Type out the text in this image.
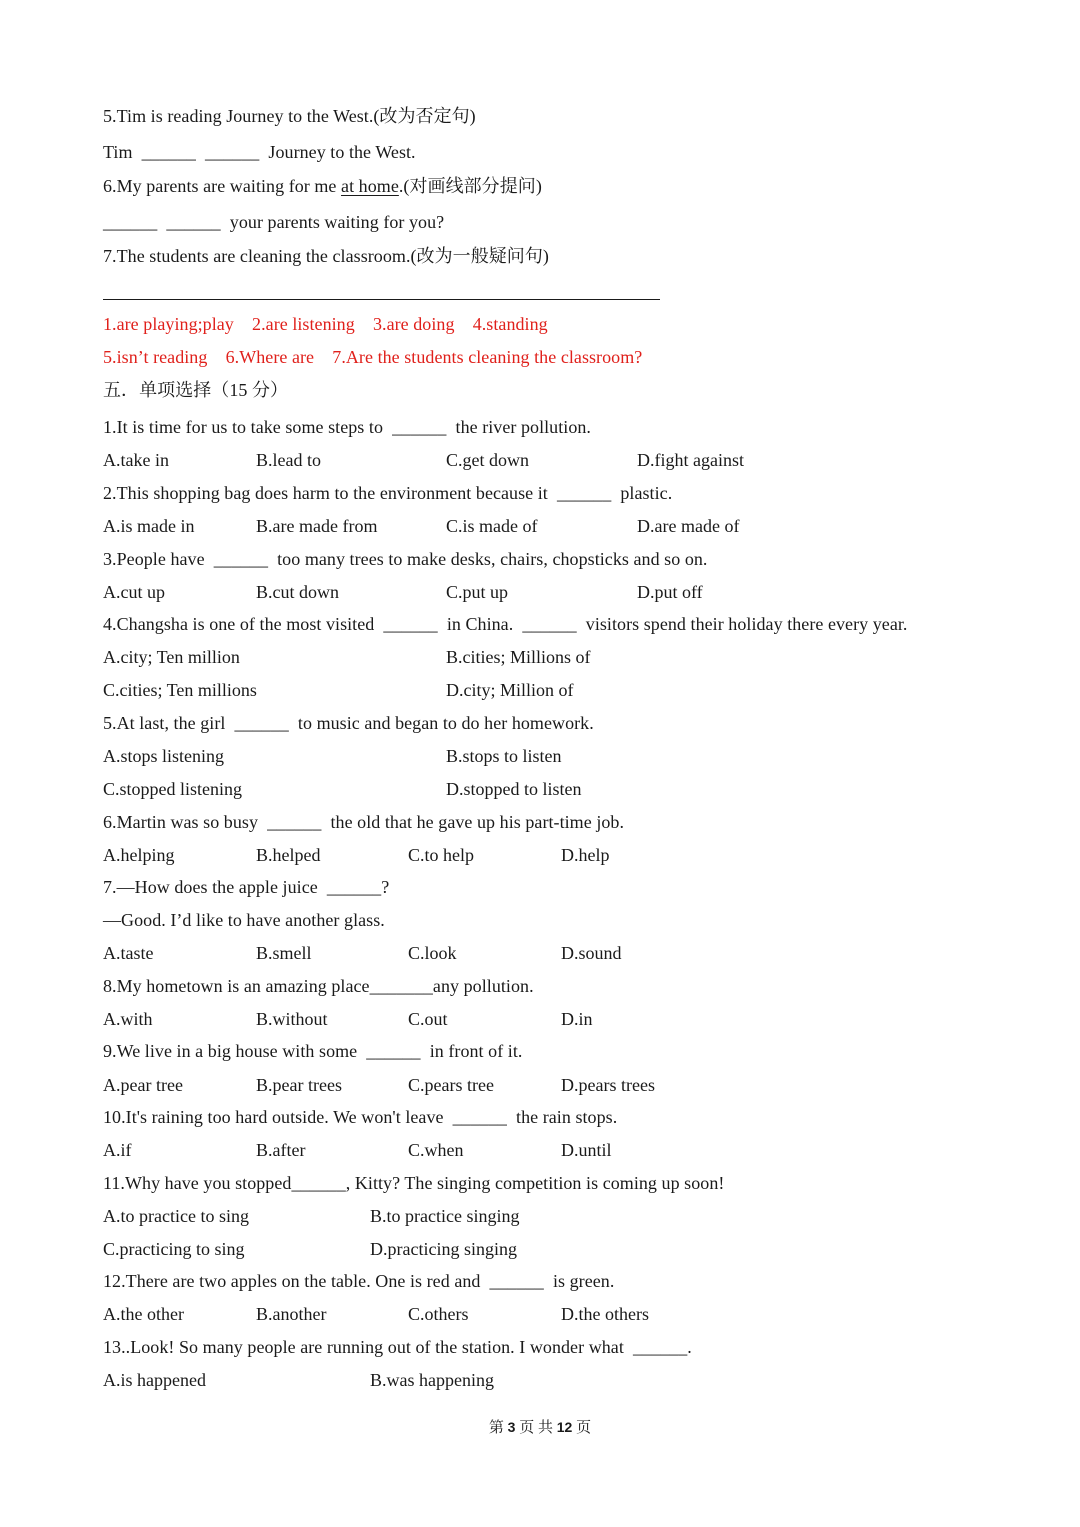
5.Tim is reading Journey to the West.(改为否定句)
Tim  ______  ______  Journey to the West.
6.My parents are waiting for me at home.(对画线部分提问)
______  ______  your parents waiting for you?
7.The students are cleaning the classroom.(改为一般疑问句)
1.are playing;play    2.are listening    3.are doing    4.standing
5.isn’t reading    6.Where are    7.Are the students cleaning the classroom?
五．单项选择（15 分）
1.It is time for us to take some steps to  ______  the river pollution.
A.take in	B.lead to	C.get down	D.fight against
2.This shopping bag does harm to the environment because it  ______  plastic.
A.is made in	B.are made from	C.is made of	D.are made of
3.People have  ______  too many trees to make desks, chairs, chopsticks and so on.
A.cut up	B.cut down	C.put up	D.put off
4.Changsha is one of the most visited  ______  in China.  ______  visitors spend their holiday there every year.
A.city; Ten million	B.cities; Millions of
C.cities; Ten millions	D.city; Million of
5.At last, the girl  ______  to music and began to do her homework.
A.stops listening	B.stops to listen
C.stopped listening	D.stopped to listen
6.Martin was so busy  ______  the old that he gave up his part-time job.
A.helping	B.helped	C.to help	D.help
7.—How does the apple juice  ______?
—Good. I’d like to have another glass.
A.taste	B.smell	C.look	D.sound
8.My hometown is an amazing place_______any pollution.
A.with	B.without	C.out	D.in
9.We live in a big house with some  ______  in front of it.
A.pear tree	B.pear trees	C.pears tree	D.pears trees
10.It's raining too hard outside. We won't leave  ______  the rain stops.
A.if	B.after	C.when	D.until
11.Why have you stopped______, Kitty? The singing competition is coming up soon!
A.to practice to sing	B.to practice singing
C.practicing to sing	D.practicing singing
12.There are two apples on the table. One is red and  ______  is green.
A.the other	B.another	C.others	D.the others
13..Look! So many people are running out of the station. I wonder what  ______.
A.is happened	B.was happening
第 3 页 共 12 页
